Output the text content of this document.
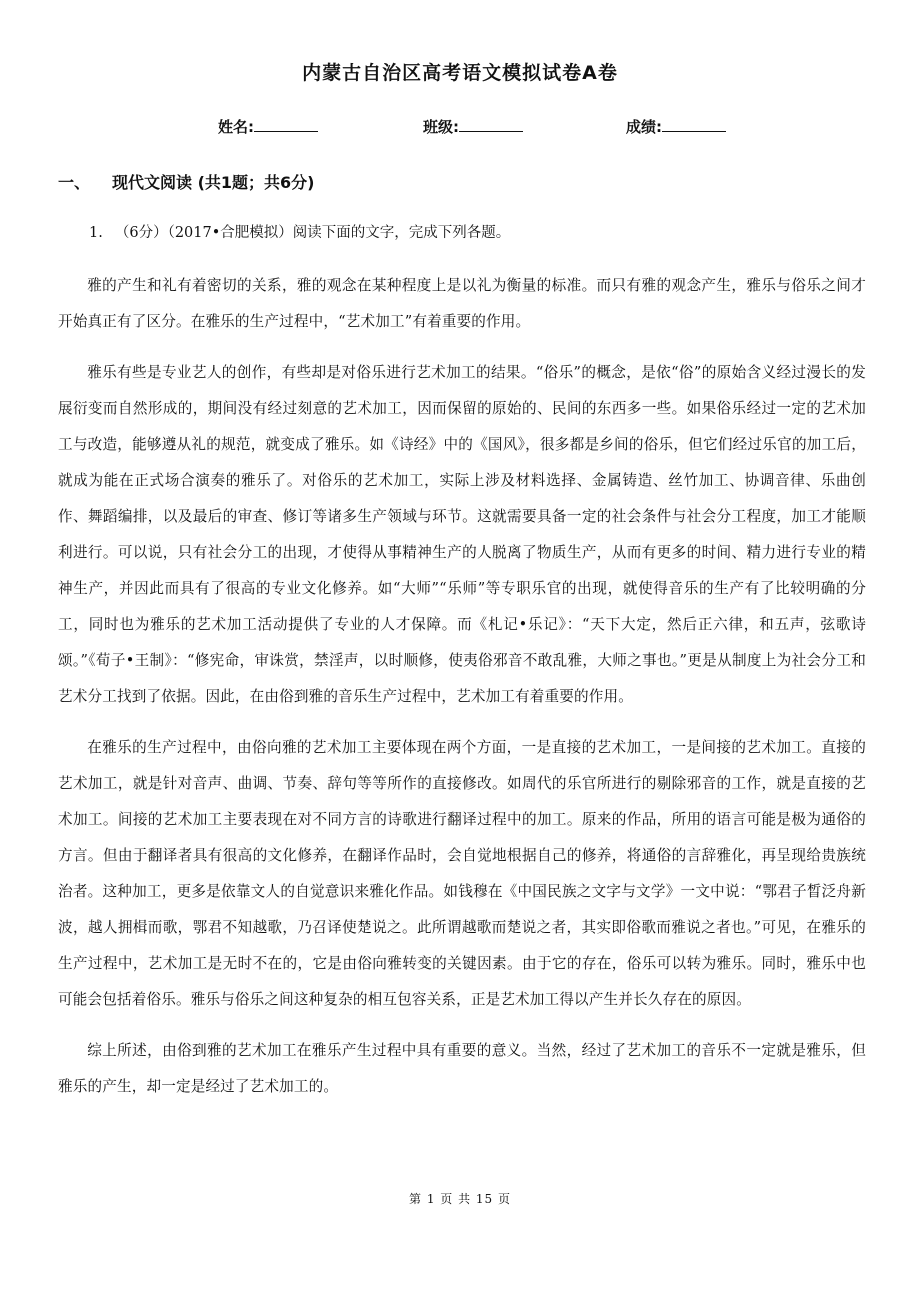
内蒙古自治区高考语文模拟试卷A卷
姓名:	班级:	成绩:
一、 现代文阅读 (共1题；共6分)
1. （6分）（2017•合肥模拟）阅读下面的文字，完成下列各题。

雅的产生和礼有着密切的关系，雅的观念在某种程度上是以礼为衡量的标准。而只有雅的观念产生，雅乐与俗乐之间才开始真正有了区分。在雅乐的生产过程中，“艺术加工”有着重要的作用。

雅乐有些是专业艺人的创作，有些却是对俗乐进行艺术加工的结果。“俗乐”的概念，是依“俗”的原始含义经过漫长的发展衍变而自然形成的，期间没有经过刻意的艺术加工，因而保留的原始的、民间的东西多一些。如果俗乐经过一定的艺术加工与改造，能够遵从礼的规范，就变成了雅乐。如《诗经》中的《国风》，很多都是乡间的俗乐，但它们经过乐官的加工后，就成为能在正式场合演奏的雅乐了。对俗乐的艺术加工，实际上涉及材料选择、金属铸造、丝竹加工、协调音律、乐曲创作、舞蹈编排，以及最后的审查、修订等诸多生产领域与环节。这就需要具备一定的社会条件与社会分工程度，加工才能顺利进行。可以说，只有社会分工的出现，才使得从事精神生产的人脱离了物质生产，从而有更多的时间、精力进行专业的精神生产，并因此而具有了很高的专业文化修养。如“大师”“乐师”等专职乐官的出现，就使得音乐的生产有了比较明确的分工，同时也为雅乐的艺术加工活动提供了专业的人才保障。而《札记•乐记》：“天下大定，然后正六律，和五声，弦歌诗颂。”《荀子•王制》：“修宪命，审诛赏，禁淫声，以时顺修，使夷俗邪音不敢乱雅，大师之事也。”更是从制度上为社会分工和艺术分工找到了依据。因此，在由俗到雅的音乐生产过程中，艺术加工有着重要的作用。

在雅乐的生产过程中，由俗向雅的艺术加工主要体现在两个方面，一是直接的艺术加工，一是间接的艺术加工。直接的艺术加工，就是针对音声、曲调、节奏、辞句等等所作的直接修改。如周代的乐官所进行的剔除邪音的工作，就是直接的艺术加工。间接的艺术加工主要表现在对不同方言的诗歌进行翻译过程中的加工。原来的作品，所用的语言可能是极为通俗的方言。但由于翻译者具有很高的文化修养，在翻译作品时，会自觉地根据自己的修养，将通俗的言辞雅化，再呈现给贵族统治者。这种加工，更多是依靠文人的自觉意识来雅化作品。如钱穆在《中国民族之文字与文学》一文中说：“鄂君子晳泛舟新波，越人拥楫而歌，鄂君不知越歌，乃召译使楚说之。此所谓越歌而楚说之者，其实即俗歌而雅说之者也。”可见，在雅乐的生产过程中，艺术加工是无时不在的，它是由俗向雅转变的关键因素。由于它的存在，俗乐可以转为雅乐。同时，雅乐中也可能会包括着俗乐。雅乐与俗乐之间这种复杂的相互包容关系，正是艺术加工得以产生并长久存在的原因。

综上所述，由俗到雅的艺术加工在雅乐产生过程中具有重要的意义。当然，经过了艺术加工的音乐不一定就是雅乐，但雅乐的产生，却一定是经过了艺术加工的。

第 1 页 共 15 页
